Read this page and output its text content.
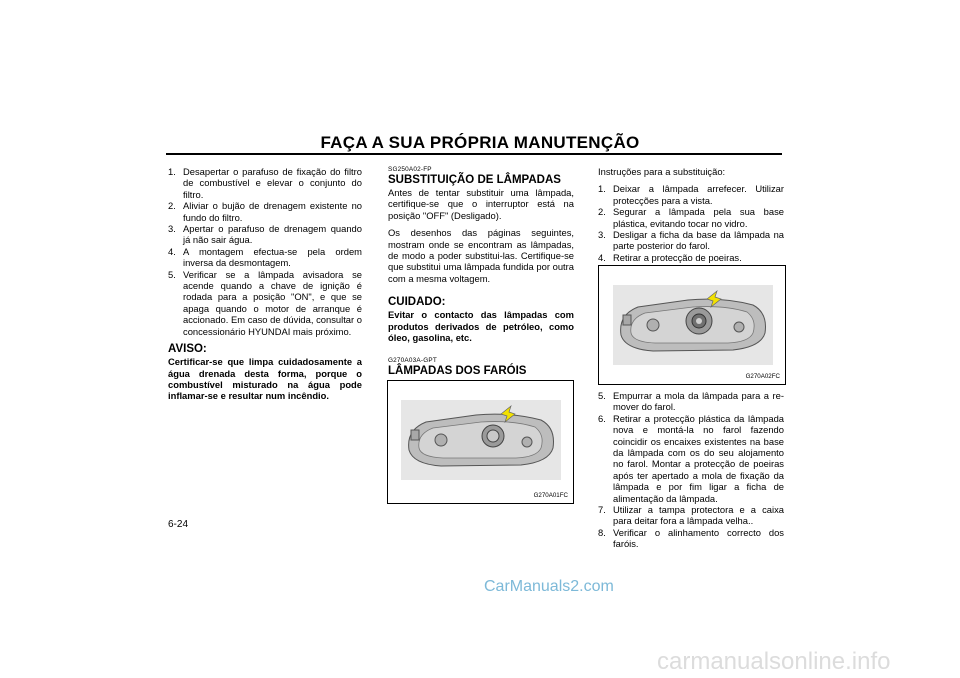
FAÇA A SUA PRÓPRIA MANUTENÇÃO
1. Desapertar o parafuso de fixação do filtro de combustível e elevar o conjunto do filtro.
2. Aliviar o bujão de drenagem existente no fundo do filtro.
3. Apertar o parafuso de drenagem quando já não sair água.
4. A montagem efectua-se pela ordem inversa da desmontagem.
5. Verificar se a lâmpada avisadora se acende quando a chave de ignição é rodada para a posição "ON", e que se apaga quando o motor de arranque é accionado. Em caso de dúvida, consultar o concessionário HYUNDAI mais próximo.
AVISO:
Certificar-se que limpa cuidadosamente a água drenada desta forma, porque o combustível misturado na água pode inflamar-se e resultar num incêndio.
SG250A02-FP
SUBSTITUIÇÃO DE LÂMPADAS

Antes de tentar substituir uma lâmpada, certifique-se que o interruptor está na posição "OFF" (Desligado).

Os desenhos das páginas seguintes, mostram onde se encontram as lâmpadas, de modo a poder substitui-las. Certifique-se que substitui uma lâmpada fundida por outra com a mesma voltagem.

CUIDADO:
Evitar o contacto das lâmpadas com produtos derivados de petróleo, como óleo, gasolina, etc.
G270A03A-GPT
LÂMPADAS DOS FARÓIS
G270A01FC

Instruções para a substituição:

1. Deixar a lâmpada arrefecer. Utilizar protecções para a vista.
2. Segurar a lâmpada pela sua base plástica, evitando tocar no vidro.
3. Desligar a ficha da base da lâmpada na parte posterior do farol.
4. Retirar a protecção de poeiras.
G270A02FC
5. Empurrar a mola da lâmpada para a re-mover do farol.
6. Retirar a protecção plástica da lâmpada nova e montá-la no farol fazendo coincidir os encaixes existentes na base da lâmpada com os do seu alojamento no farol. Montar a protecção de poeiras após ter apertado a mola de fixação da lâmpada e por fim ligar a ficha de alimentação da lâmpada.
7. Utilizar a tampa protectora e a caixa para deitar fora a lâmpada velha..
8. Verificar o alinhamento correcto dos faróis.
6-24
CarManuals2.com
carmanualsonline.info
